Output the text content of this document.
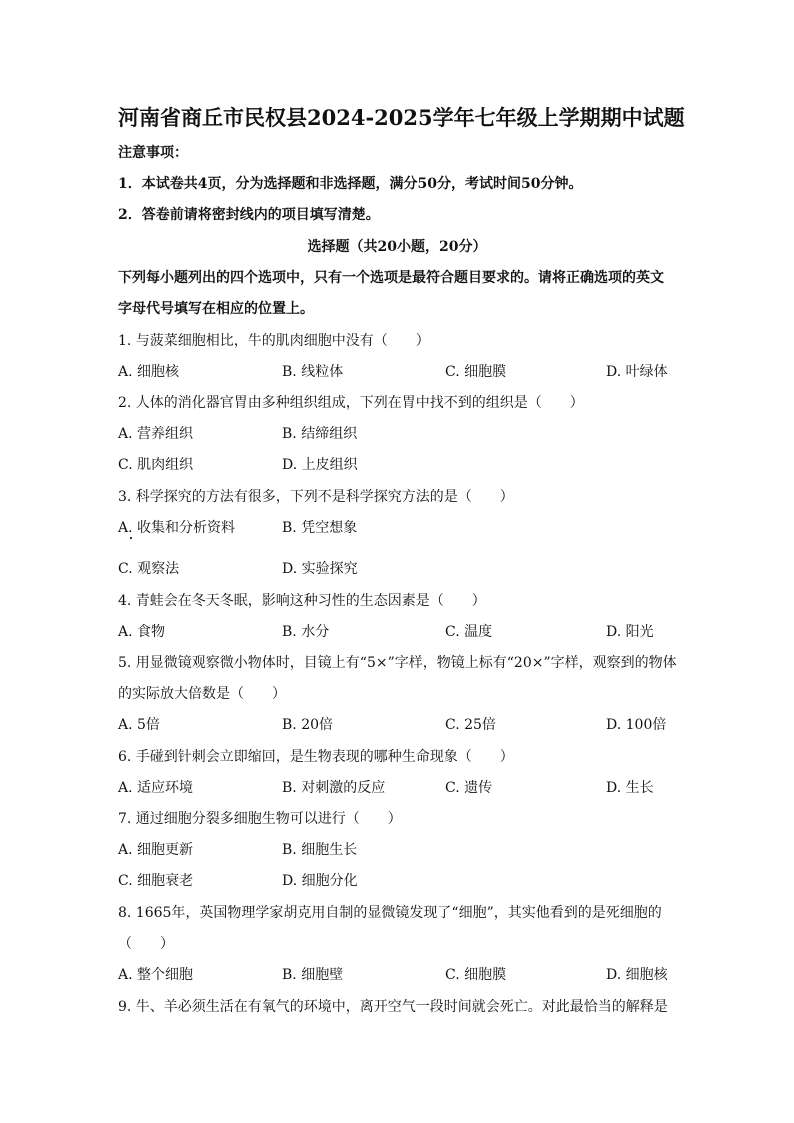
河南省商丘市民权县2024-2025学年七年级上学期期中试题
注意事项：
1．本试卷共4页，分为选择题和非选择题，满分50分，考试时间50分钟。
2．答卷前请将密封线内的项目填写清楚。
选择题（共20小题，20分）
下列每小题列出的四个选项中，只有一个选项是最符合题目要求的。请将正确选项的英文
字母代号填写在相应的位置上。
1. 与菠菜细胞相比，牛的肌肉细胞中没有（　　）
A. 细胞核	B. 线粒体	C. 细胞膜	D. 叶绿体
2. 人体的消化器官胃由多种组织组成，下列在胃中找不到的组织是（　　）
A. 营养组织	B. 结缔组织
C. 肌肉组织	D. 上皮组织
3. 科学探究的方法有很多，下列不是科学探究方法的是（　　）
A. 收集和分析资料	B. 凭空想象
C. 观察法	D. 实验探究
4. 青蛙会在冬天冬眠，影响这种习性的生态因素是（　　）
A. 食物	B. 水分	C. 温度	D. 阳光
5. 用显微镜观察微小物体时，目镜上有“5×”字样，物镜上标有“20×”字样，观察到的物体
的实际放大倍数是（　　）
A. 5倍	B. 20倍	C. 25倍	D. 100倍
6. 手碰到针刺会立即缩回，是生物表现的哪种生命现象（　　）
A. 适应环境	B. 对刺激的反应	C. 遗传	D. 生长
7. 通过细胞分裂多细胞生物可以进行（　　）
A. 细胞更新	B. 细胞生长
C. 细胞衰老	D. 细胞分化
8. 1665年，英国物理学家胡克用自制的显微镜发现了“细胞”，其实他看到的是死细胞的
（　　）
A. 整个细胞	B. 细胞壁	C. 细胞膜	D. 细胞核
9. 牛、羊必须生活在有氧气的环境中，离开空气一段时间就会死亡。对此最恰当的解释是
